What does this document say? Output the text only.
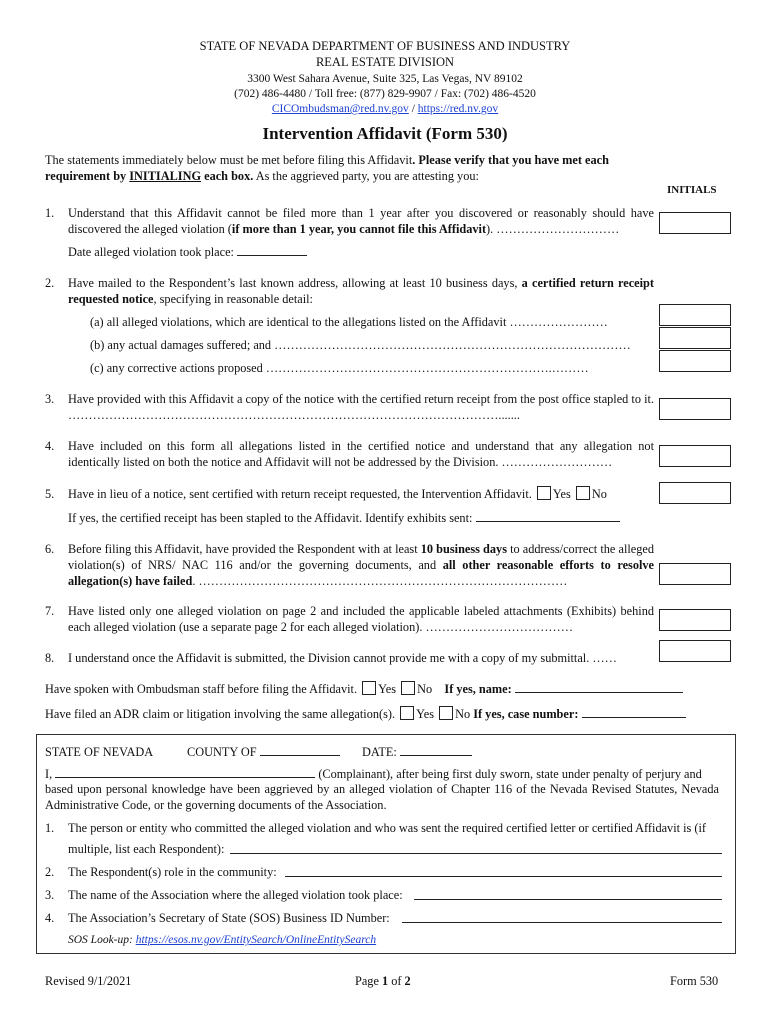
STATE OF NEVADA DEPARTMENT OF BUSINESS AND INDUSTRY
REAL ESTATE DIVISION
3300 West Sahara Avenue, Suite 325, Las Vegas, NV 89102
(702) 486-4480 / Toll free: (877) 829-9907 / Fax: (702) 486-4520
CICOmbudsman@red.nv.gov / https://red.nv.gov
Intervention Affidavit (Form 530)
The statements immediately below must be met before filing this Affidavit. Please verify that you have met each requirement by INITIALING each box. As the aggrieved party, you are attesting you:
INITIALS
1. Understand that this Affidavit cannot be filed more than 1 year after you discovered or reasonably should have discovered the alleged violation (if more than 1 year, you cannot file this Affidavit). …………………………
Date alleged violation took place:
2. Have mailed to the Respondent’s last known address, allowing at least 10 business days, a certified return receipt requested notice, specifying in reasonable detail:
(a) all alleged violations, which are identical to the allegations listed on the Affidavit ……………………
(b) any actual damages suffered; and ……………………………………………………………………………
(c) any corrective actions proposed …………………………………………………………….………
3. Have provided with this Affidavit a copy of the notice with the certified return receipt from the post office stapled to it. …………………………………………………………………………………………….......
4. Have included on this form all allegations listed in the certified notice and understand that any allegation not identically listed on both the notice and Affidavit will not be addressed by the Division. ………………………
5. Have in lieu of a notice, sent certified with return receipt requested, the Intervention Affidavit. Yes No
If yes, the certified receipt has been stapled to the Affidavit. Identify exhibits sent:
6. Before filing this Affidavit, have provided the Respondent with at least 10 business days to address/correct the alleged violation(s) of NRS/ NAC 116 and/or the governing documents, and all other reasonable efforts to resolve allegation(s) have failed. ………………………………………………………………………………
7. Have listed only one alleged violation on page 2 and included the applicable labeled attachments (Exhibits) behind each alleged violation (use a separate page 2 for each alleged violation). ………………………………
8. I understand once the Affidavit is submitted, the Division cannot provide me with a copy of my submittal. ……
Have spoken with Ombudsman staff before filing the Affidavit. Yes No If yes, name:
Have filed an ADR claim or litigation involving the same allegation(s). Yes No If yes, case number:
STATE OF NEVADA	COUNTY OF	DATE:
I,	(Complainant), after being first duly sworn, state under penalty of perjury and
based upon personal knowledge have been aggrieved by an alleged violation of Chapter 116 of the Nevada Revised Statutes, Nevada Administrative Code, or the governing documents of the Association.
1. The person or entity who committed the alleged violation and who was sent the required certified letter or certified Affidavit is (if
multiple, list each Respondent):
2. The Respondent(s) role in the community:
3. The name of the Association where the alleged violation took place:
4. The Association’s Secretary of State (SOS) Business ID Number:
SOS Look-up: https://esos.nv.gov/EntitySearch/OnlineEntitySearch
Revised 9/1/2021	Page 1 of 2	Form 530
